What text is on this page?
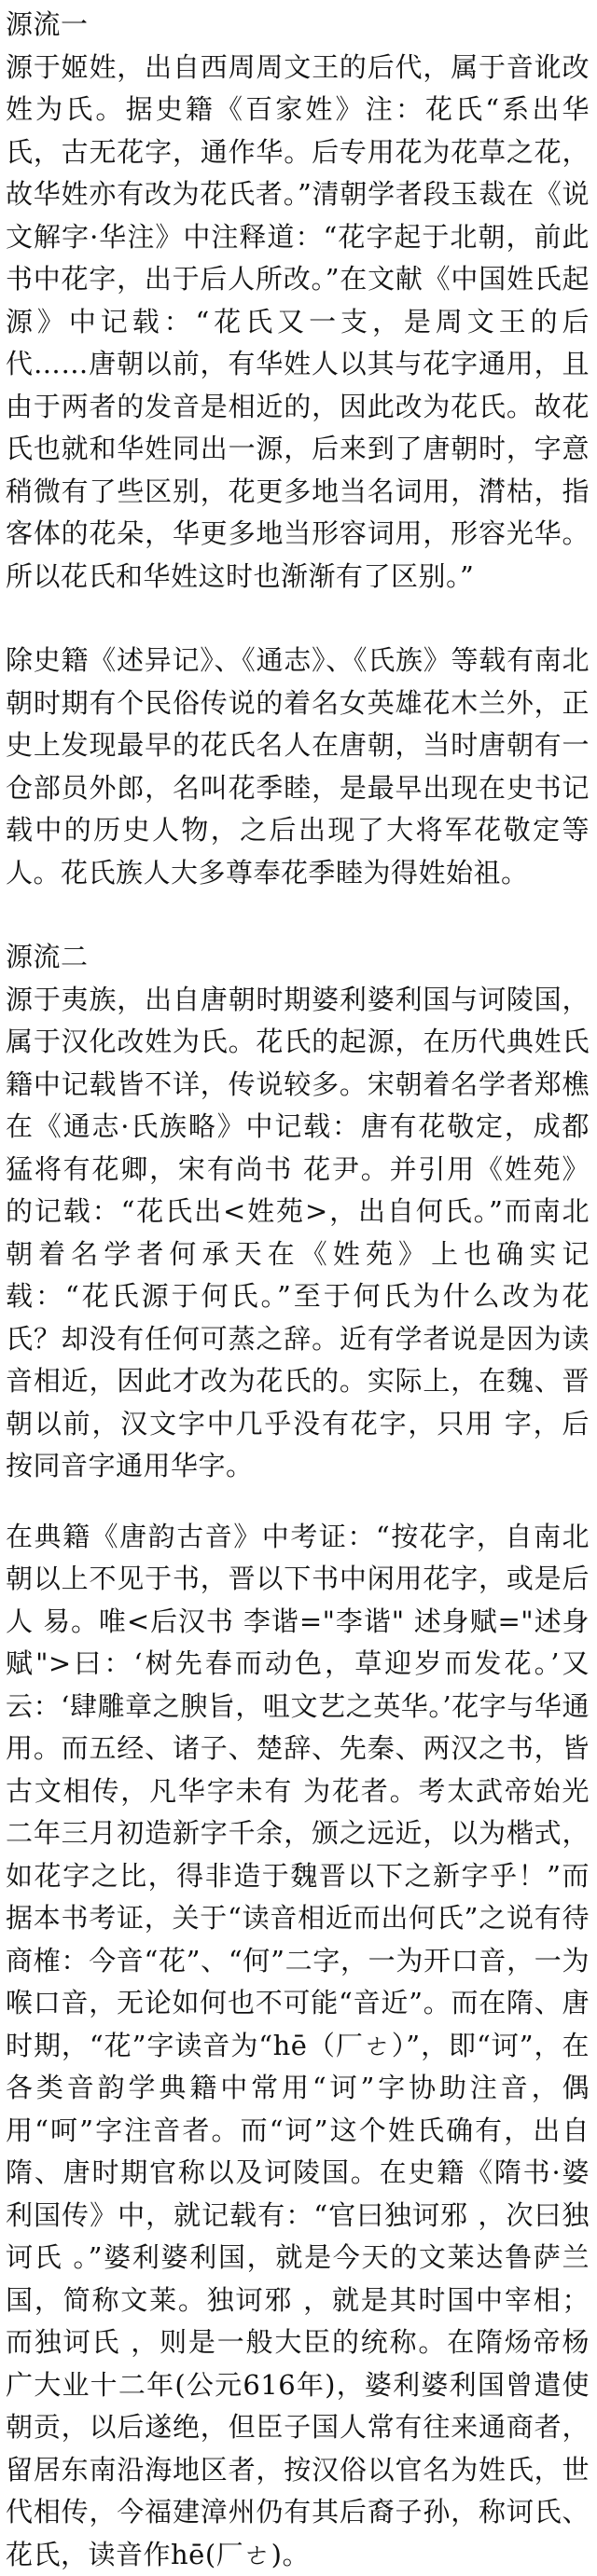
源流一
源于姬姓，出自西周周文王的后代，属于音讹改姓为氏。据史籍《百家姓》注：花氏“系出华氏，古无花字，通作华。后专用花为花草之花，故华姓亦有改为花氏者。”清朝学者段玉裁在《说文解字·华注》中注释道：“花字起于北朝，前此书中花字，出于后人所改。”在文献《中国姓氏起源》中记载：“花氏又一支，是周文王的后代……唐朝以前，有华姓人以其与花字通用，且由于两者的发音是相近的，因此改为花氏。故花氏也就和华姓同出一源，后来到了唐朝时，字意稍微有了些区别，花更多地当名词用，潸枯，指客体的花朵，华更多地当形容词用，形容光华。所以花氏和华姓这时也渐渐有了区别。”
除史籍《述异记》、《通志》、《氏族》等载有南北朝时期有个民俗传说的着名女英雄花木兰外，正史上发现最早的花氏名人在唐朝，当时唐朝有一仓部员外郎，名叫花季睦，是最早出现在史书记载中的历史人物，之后出现了大将军花敬定等人。花氏族人大多尊奉花季睦为得姓始祖。
源流二
源于夷族，出自唐朝时期婆利婆利国与诃陵国，属于汉化改姓为氏。花氏的起源，在历代典姓氏籍中记载皆不详，传说较多。宋朝着名学者郑樵在《通志·氏族略》中记载：唐有花敬定，成都猛将有花卿，宋有尚书 花尹。并引用《姓苑》的记载：“花氏出<姓苑>，出自何氏。”而南北朝着名学者何承天在《姓苑》上也确实记载：“花氏源于何氏。”至于何氏为什么改为花氏？却没有任何可蒸之辞。近有学者说是因为读音相近，因此才改为花氏的。实际上，在魏、晋朝以前，汉文字中几乎没有花字，只用 字，后按同音字通用华字。
在典籍《唐韵古音》中考证：“按花字，自南北朝以上不见于书，晋以下书中闲用花字，或是后人 易。唯<后汉书 李谐="李谐" 述身赋="述身赋">曰：‘树先春而动色，草迎岁而发花。’又云：‘肆雕章之腴旨，咀文艺之英华。’花字与华通用。而五经、诸子、楚辞、先秦、两汉之书，皆古文相传，凡华字未有 为花者。考太武帝始光二年三月初造新字千余，颁之远近，以为楷式，如花字之比，得非造于魏晋以下之新字乎！”而据本书考证，关于“读音相近而出何氏”之说有待商榷：今音“花”、“何”二字，一为开口音，一为喉口音，无论如何也不可能“音近”。而在隋、唐时期，“花”字读音为“hē（厂ㄜ）”，即“诃”，在各类音韵学典籍中常用“诃”字协助注音，偶用“呵”字注音者。而“诃”这个姓氏确有，出自隋、唐时期官称以及诃陵国。在史籍《隋书·婆利国传》中，就记载有：“官曰独诃邪 ，次曰独诃氏 。”婆利婆利国，就是今天的文莱达鲁萨兰国，简称文莱。独诃邪 ，就是其时国中宰相；而独诃氏 ，则是一般大臣的统称。在隋炀帝杨广大业十二年(公元616年)，婆利婆利国曾遣使朝贡，以后遂绝，但臣子国人常有往来通商者，留居东南沿海地区者，按汉俗以官名为姓氏，世代相传，今福建漳州仍有其后裔子孙，称诃氏、花氏，读音作hē(厂ㄜ)。
